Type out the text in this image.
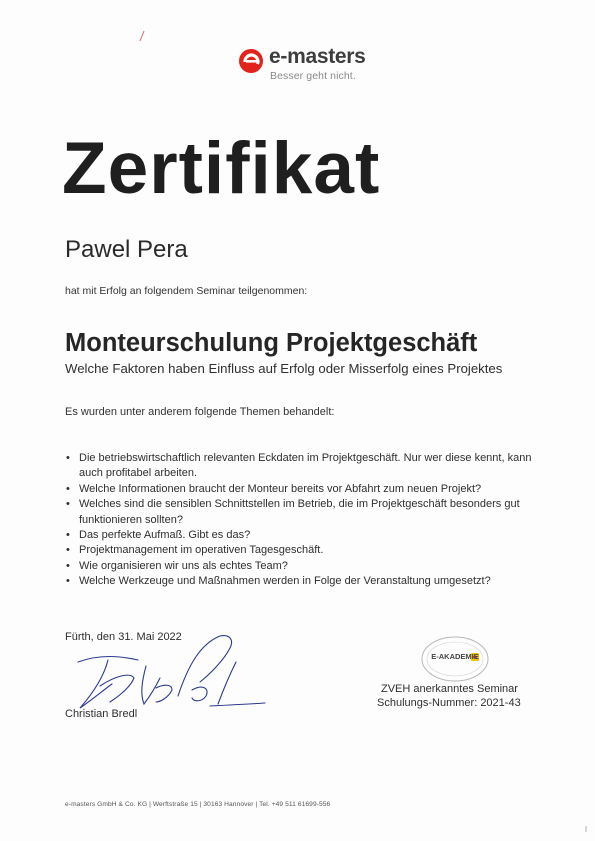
e-masters
Besser geht nicht.
Zertifikat
Pawel Pera
hat mit Erfolg an folgendem Seminar teilgenommen:
Monteurschulung Projektgeschäft
Welche Faktoren haben Einfluss auf Erfolg oder Misserfolg eines Projektes
Es wurden unter anderem folgende Themen behandelt:
• Die betriebswirtschaftlich relevanten Eckdaten im Projektgeschäft. Nur wer diese kennt, kann auch profitabel arbeiten.
• Welche Informationen braucht der Monteur bereits vor Abfahrt zum neuen Projekt?
• Welches sind die sensiblen Schnittstellen im Betrieb, die im Projektgeschäft besonders gut funktionieren sollten?
• Das perfekte Aufmaß. Gibt es das?
• Projektmanagement im operativen Tagesgeschäft.
• Wie organisieren wir uns als echtes Team?
• Welche Werkzeuge und Maßnahmen werden in Folge der Veranstaltung umgesetzt?
Fürth, den 31. Mai 2022
Christian Bredl
E-AKADEMIE
ZVEH anerkanntes Seminar
Schulungs-Nummer: 2021-43
e-masters GmbH & Co. KG | Werftstraße 15 | 30163 Hannover | Tel. +49 511 61699-556
